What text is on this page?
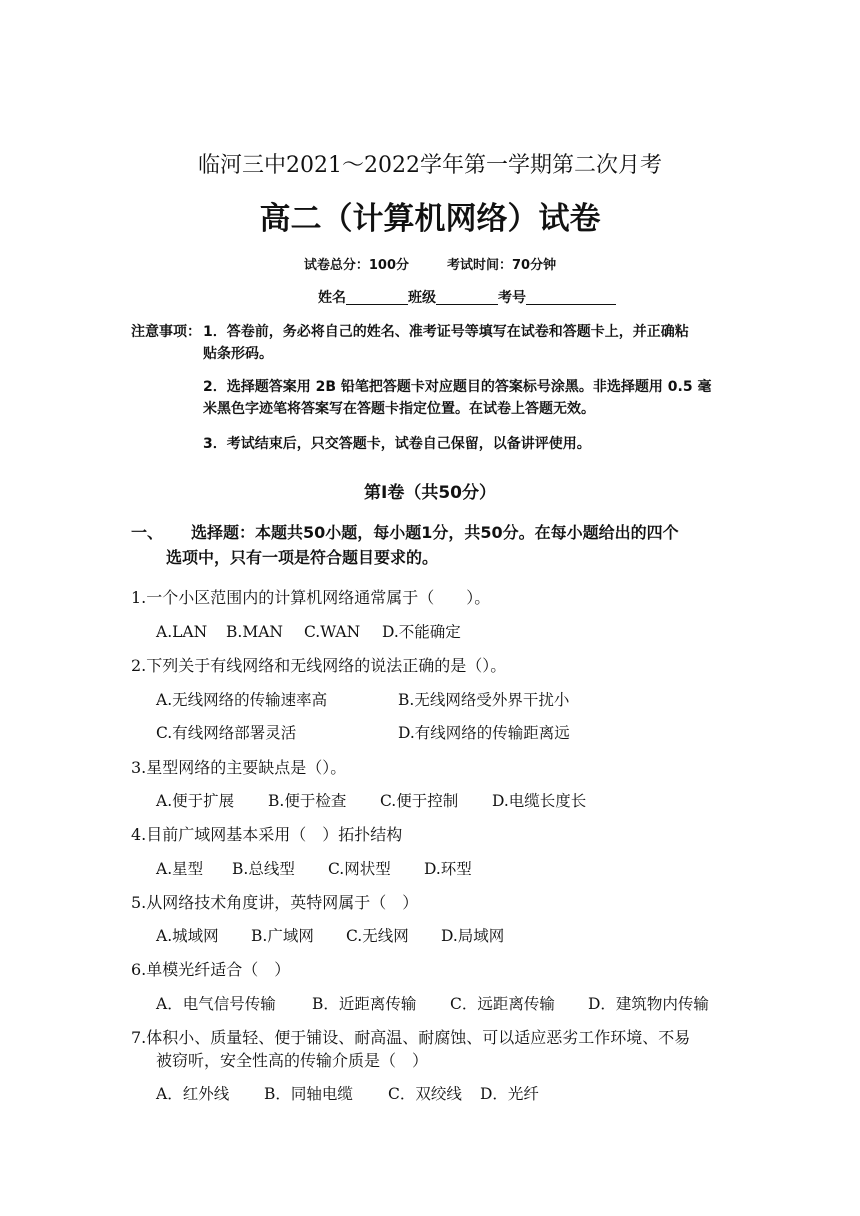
临河三中2021～2022学年第一学期第二次月考
高二（计算机网络）试卷
试卷总分：100分	考试时间：70分钟
姓名	班级	考号
注意事项： 1．答卷前，务必将自己的姓名、准考证号等填写在试卷和答题卡上，并正确粘
贴条形码。
2．选择题答案用 2B 铅笔把答题卡对应题目的答案标号涂黑。非选择题用 0.5 毫
米黑色字迹笔将答案写在答题卡指定位置。在试卷上答题无效。
3．考试结束后，只交答题卡，试卷自己保留，以备讲评使用。
第Ⅰ卷（共50分）
一、 选择题：本题共50小题，每小题1分，共50分。在每小题给出的四个
选项中，只有一项是符合题目要求的。
1.一个小区范围内的计算机网络通常属于（　　）。
A.LAN B.MAN C.WAN D.不能确定
2.下列关于有线网络和无线网络的说法正确的是（）。
A.无线网络的传输速率高	B.无线网络受外界干扰小
C.有线网络部署灵活	D.有线网络的传输距离远
3.星型网络的主要缺点是（）。
A.便于扩展 B.便于检查 C.便于控制 D.电缆长度长
4.目前广域网基本采用（　）拓扑结构
A.星型 B.总线型 C.网状型 D.环型
5.从网络技术角度讲，英特网属于（　）
A.城域网 B.广域网 C.无线网 D.局域网
6.单模光纤适合（　）
A．电气信号传输 B．近距离传输 C．远距离传输 D．建筑物内传输
7.体积小、质量轻、便于铺设、耐高温、耐腐蚀、可以适应恶劣工作环境、不易
被窃听，安全性高的传输介质是（　）
A．红外线 B．同轴电缆 C．双绞线 D．光纤
